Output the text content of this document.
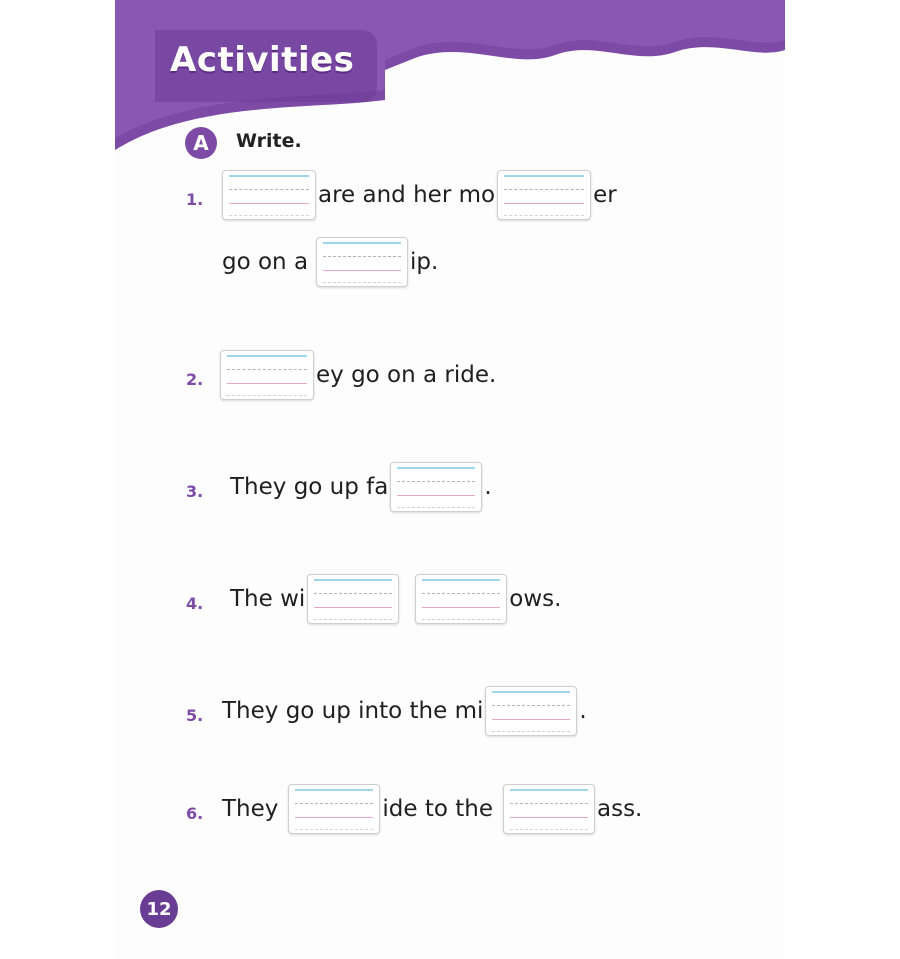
Activities
A	Write.
1.	are and her mo	er
go on a	ip.
2.	ey go on a ride.
3. They go up fa	.
4. The wi	ows.
5. They go up into the mi	.
6. They	ide to the	ass.
12
